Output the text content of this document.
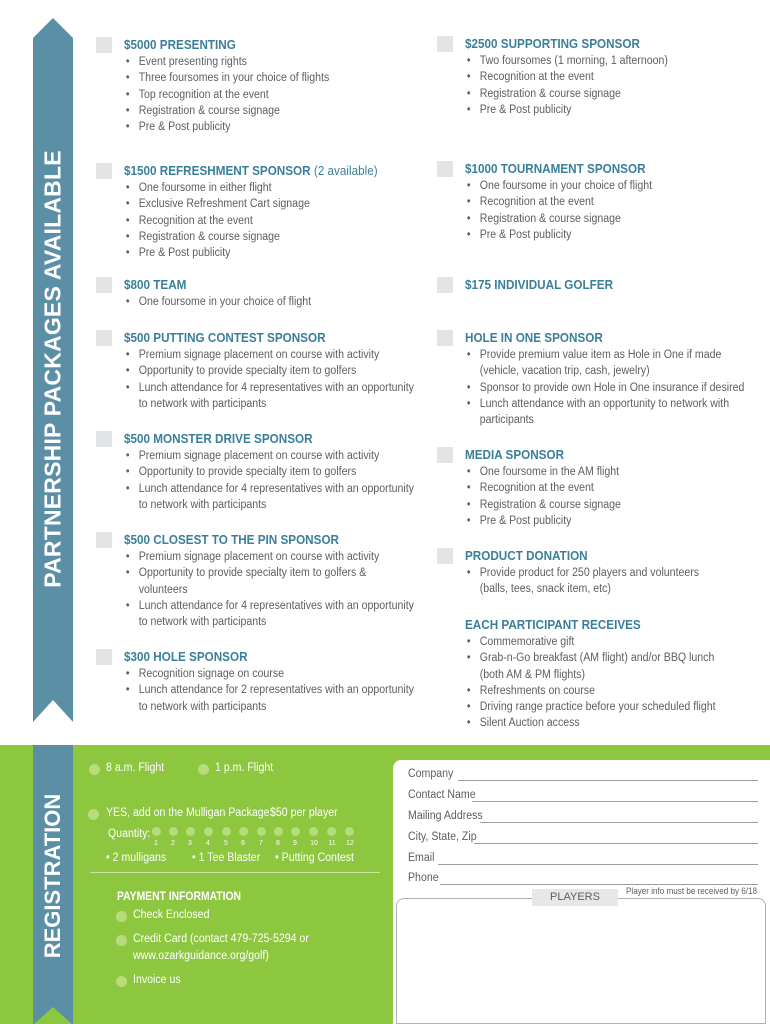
PARTNERSHIP PACKAGES AVAILABLE
$5000 PRESENTING
• Event presenting rights
• Three foursomes in your choice of flights
• Top recognition at the event
• Registration & course signage
• Pre & Post publicity
$1500 REFRESHMENT SPONSOR (2 available)
• One foursome in either flight
• Exclusive Refreshment Cart signage
• Recognition at the event
• Registration & course signage
• Pre & Post publicity
$800 TEAM
• One foursome in your choice of flight
$500 PUTTING CONTEST SPONSOR
• Premium signage placement on course with activity
• Opportunity to provide specialty item to golfers
• Lunch attendance for 4 representatives with an opportunity
to network with participants
$500 MONSTER DRIVE SPONSOR
• Premium signage placement on course with activity
• Opportunity to provide specialty item to golfers
• Lunch attendance for 4 representatives with an opportunity
to network with participants
$500 CLOSEST TO THE PIN SPONSOR
• Premium signage placement on course with activity
• Opportunity to provide specialty item to golfers &
volunteers
• Lunch attendance for 4 representatives with an opportunity
to network with participants
$300 HOLE SPONSOR
• Recognition signage on course
• Lunch attendance for 2 representatives with an opportunity
to network with participants
$2500 SUPPORTING SPONSOR
• Two foursomes (1 morning, 1 afternoon)
• Recognition at the event
• Registration & course signage
• Pre & Post publicity
$1000 TOURNAMENT SPONSOR
• One foursome in your choice of flight
• Recognition at the event
• Registration & course signage
• Pre & Post publicity
$175 INDIVIDUAL GOLFER
HOLE IN ONE SPONSOR
• Provide premium value item as Hole in One if made
(vehicle, vacation trip, cash, jewelry)
• Sponsor to provide own Hole in One insurance if desired
• Lunch attendance with an opportunity to network with
participants
MEDIA SPONSOR
• One foursome in the AM flight
• Recognition at the event
• Registration & course signage
• Pre & Post publicity
PRODUCT DONATION
• Provide product for 250 players and volunteers
(balls, tees, snack item, etc)
EACH PARTICIPANT RECEIVES
• Commemorative gift
• Grab-n-Go breakfast (AM flight) and/or BBQ lunch
(both AM & PM flights)
• Refreshments on course
• Driving range practice before your scheduled flight
• Silent Auction access
8 a.m. Flight	1 p.m. Flight
YES, add on the Mulligan Package $50 per player
Quantity:
1	2	3	4	5	6	7	8	9	10 11 12
• 2 mulligans • 1 Tee Blaster • Putting Contest
PAYMENT INFORMATION
Check Enclosed
Credit Card (contact 479-725-5294 or
www.ozarkguidance.org/golf)
Invoice us
REGISTRATION
Company
Contact Name
Mailing Address
City, State, Zip
Email
Phone
PLAYERS	Player info must be received by 6/18
